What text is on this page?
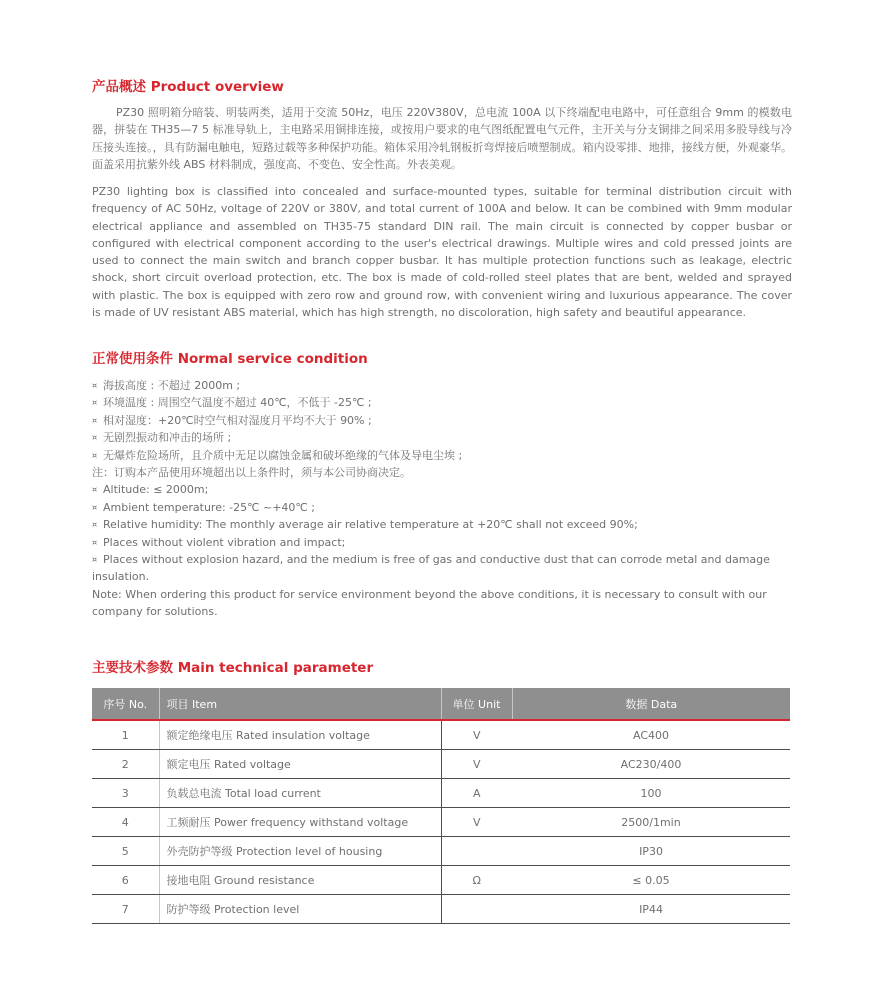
产品概述 Product overview

PZ30 照明箱分暗装、明装两类，适用于交流 50Hz，电压 220V380V，总电流 100A 以下终端配电电路中，可任意组合 9mm 的模数电器，拼装在 TH35—7 5 标准导轨上，主电路采用铜排连接，或按用户要求的电气图纸配置电气元件，主开关与分支铜排之间采用多股导线与冷压接头连接。，具有防漏电触电，短路过载等多种保护功能。箱体采用冷轧钢板折弯焊接后喷塑制成。箱内设零排、地排，接线方便，外观豪华。面盖采用抗紫外线 ABS 材料制成，强度高、不变色、安全性高。外表美观。

PZ30 lighting box is classified into concealed and surface-mounted types, suitable for terminal distribution circuit with frequency of AC 50Hz, voltage of 220V or 380V, and total current of 100A and below. It can be combined with 9mm modular electrical appliance and assembled on TH35-75 standard DIN rail. The main circuit is connected by copper busbar or configured with electrical component according to the user's electrical drawings. Multiple wires and cold pressed joints are used to connect the main switch and branch copper busbar. It has multiple protection functions such as leakage, electric shock, short circuit overload protection, etc. The box is made of cold-rolled steel plates that are bent, welded and sprayed with plastic. The box is equipped with zero row and ground row, with convenient wiring and luxurious appearance. The cover is made of UV resistant ABS material, which has high strength, no discoloration, high safety and beautiful appearance.

正常使用条件 Normal service condition
¤ 海拔高度 : 不超过 2000m ;
¤ 环境温度 : 周围空气温度不超过 40℃，不低于 -25℃ ;
¤ 相对湿度：+20℃时空气相对湿度月平均不大于 90% ;
¤ 无剧烈振动和冲击的场所 ;
¤ 无爆炸危险场所，且介质中无足以腐蚀金属和破坏绝缘的气体及导电尘埃 ;
注：订购本产品使用环境超出以上条件时，须与本公司协商决定。
¤ Altitude: ≤ 2000m;
¤ Ambient temperature: -25℃ ~+40℃ ;
¤ Relative humidity: The monthly average air relative temperature at +20℃ shall not exceed 90%;
¤ Places without violent vibration and impact;
¤ Places without explosion hazard, and the medium is free of gas and conductive dust that can corrode metal and damage insulation.
Note: When ordering this product for service environment beyond the above conditions, it is necessary to consult with our company for solutions.
主要技术参数 Main technical parameter
序号 No.	项目 Item	单位 Unit	数据 Data
1	额定绝缘电压 Rated insulation voltage	V	AC400
2	额定电压 Rated voltage	V	AC230/400
3	负载总电流 Total load current	A	100
4	工频耐压 Power frequency withstand voltage	V	2500/1min
5	外壳防护等级 Protection level of housing		IP30
6	接地电阻 Ground resistance	Ω	≤ 0.05
7	防护等级 Protection level		IP44
